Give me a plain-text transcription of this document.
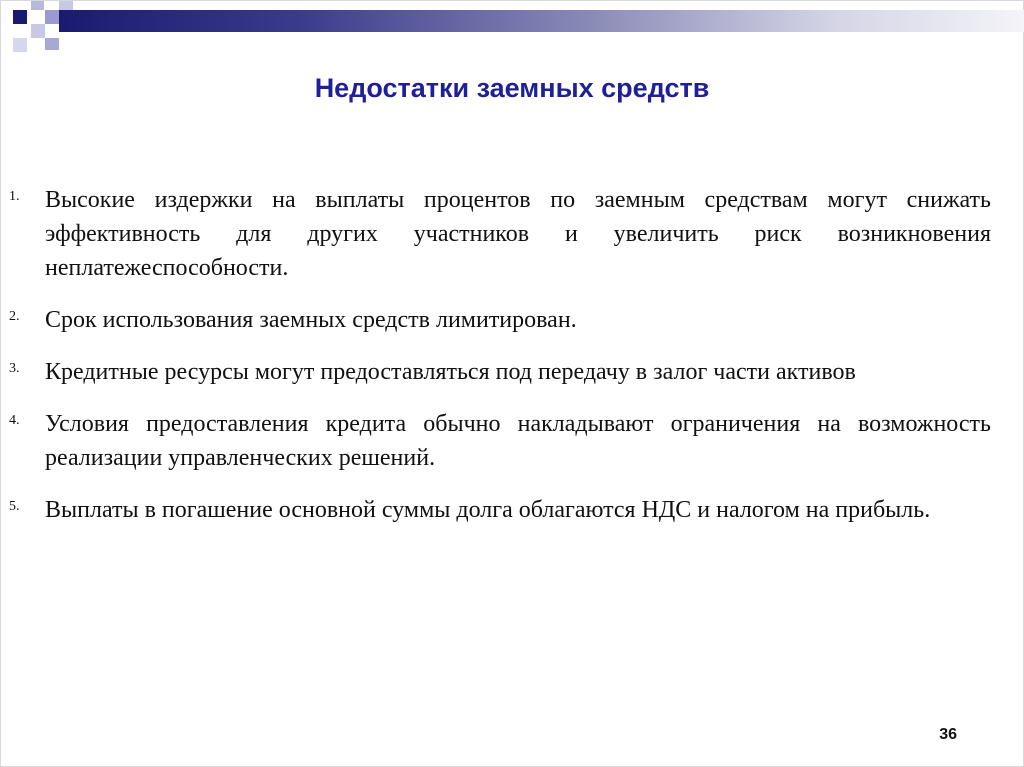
Недостатки заемных средств
1. Высокие издержки на выплаты процентов по заемным средствам могут снижать эффективность для других участников и увеличить риск возникновения неплатежеспособности.
2. Срок использования заемных средств лимитирован.
3. Кредитные ресурсы могут предоставляться под передачу в залог части активов
4. Условия предоставления кредита обычно накладывают ограничения на возможность реализации управленческих решений.
5. Выплаты в погашение основной суммы долга облагаются НДС и налогом на прибыль.
36
